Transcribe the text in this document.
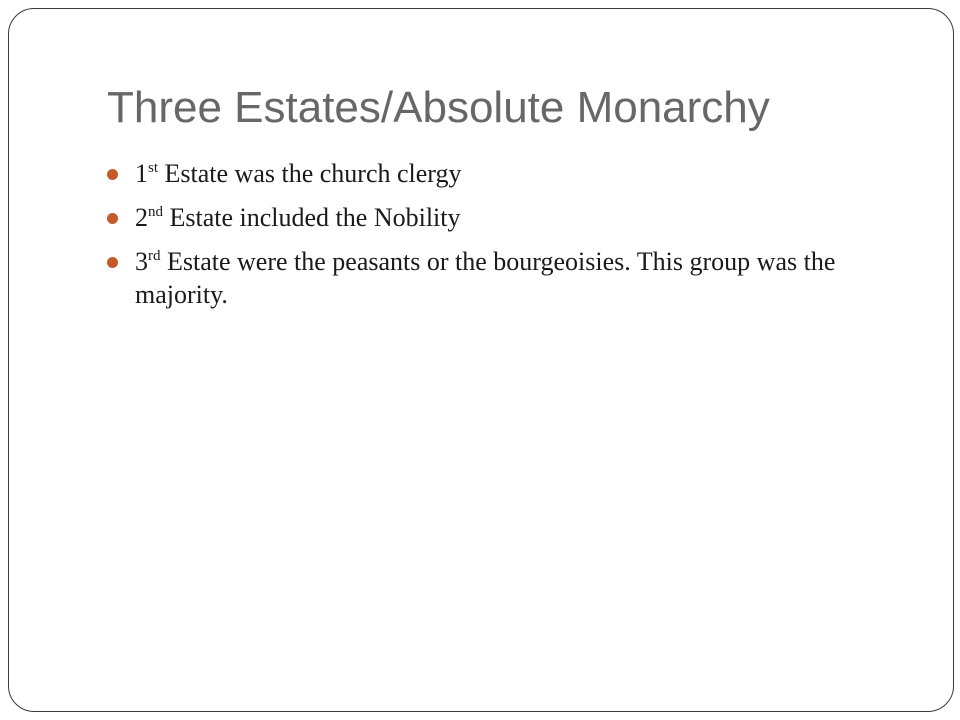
Three Estates/Absolute Monarchy
1st Estate was the church clergy
2nd Estate included the Nobility
3rd Estate were the peasants or the bourgeoisies. This group was the majority.
